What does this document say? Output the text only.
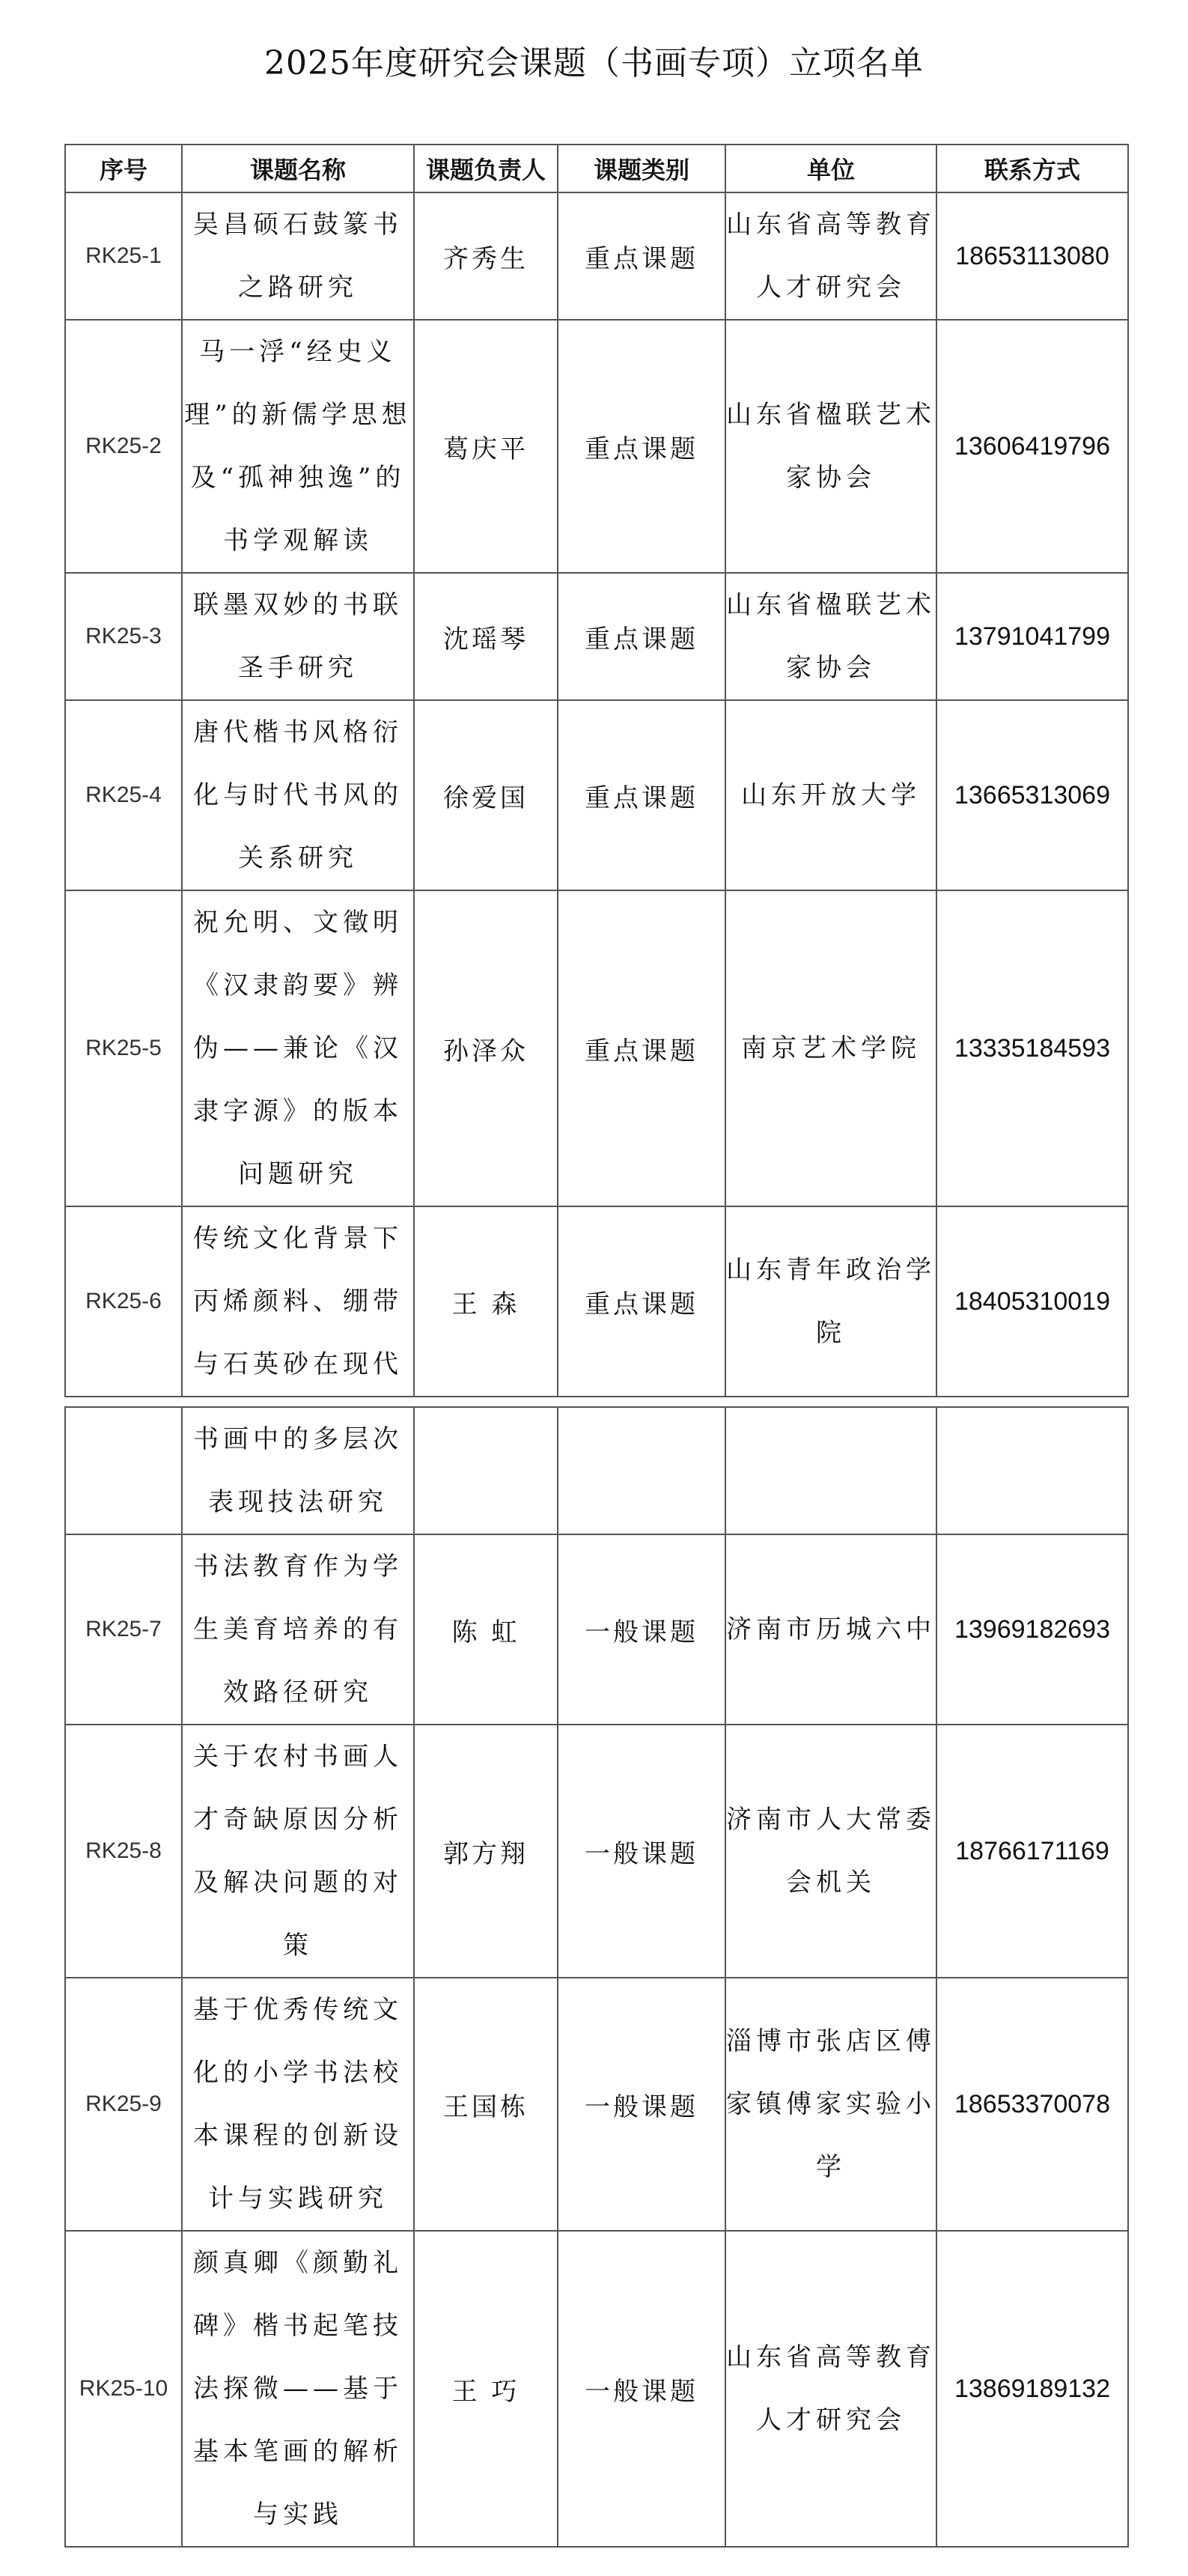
2025年度研究会课题（书画专项）立项名单
序号	课题名称	课题负责人	课题类别	单位	联系方式
RK25-1	吴昌硕石鼓篆书之路研究	齐秀生	重点课题	山东省高等教育人才研究会	18653113080
RK25-2	马一浮“经史义理”的新儒学思想及“孤神独逸”的书学观解读	葛庆平	重点课题	山东省楹联艺术家协会	13606419796
RK25-3	联墨双妙的书联圣手研究	沈瑶琴	重点课题	山东省楹联艺术家协会	13791041799
RK25-4	唐代楷书风格衍化与时代书风的关系研究	徐爱国	重点课题	山东开放大学	13665313069
RK25-5	祝允明、文徵明《汉隶韵要》辨伪——兼论《汉隶字源》的版本问题研究	孙泽众	重点课题	南京艺术学院	13335184593
RK25-6	传统文化背景下丙烯颜料、绷带与石英砂在现代	王 森	重点课题	山东青年政治学院	18405310019
	书画中的多层次表现技法研究				
RK25-7	书法教育作为学生美育培养的有效路径研究	陈 虹	一般课题	济南市历城六中	13969182693
RK25-8	关于农村书画人才奇缺原因分析及解决问题的对策	郭方翔	一般课题	济南市人大常委会机关	18766171169
RK25-9	基于优秀传统文化的小学书法校本课程的创新设计与实践研究	王国栋	一般课题	淄博市张店区傅家镇傅家实验小学	18653370078
RK25-10	颜真卿《颜勤礼碑》楷书起笔技法探微——基于基本笔画的解析与实践	王 巧	一般课题	山东省高等教育人才研究会	13869189132
